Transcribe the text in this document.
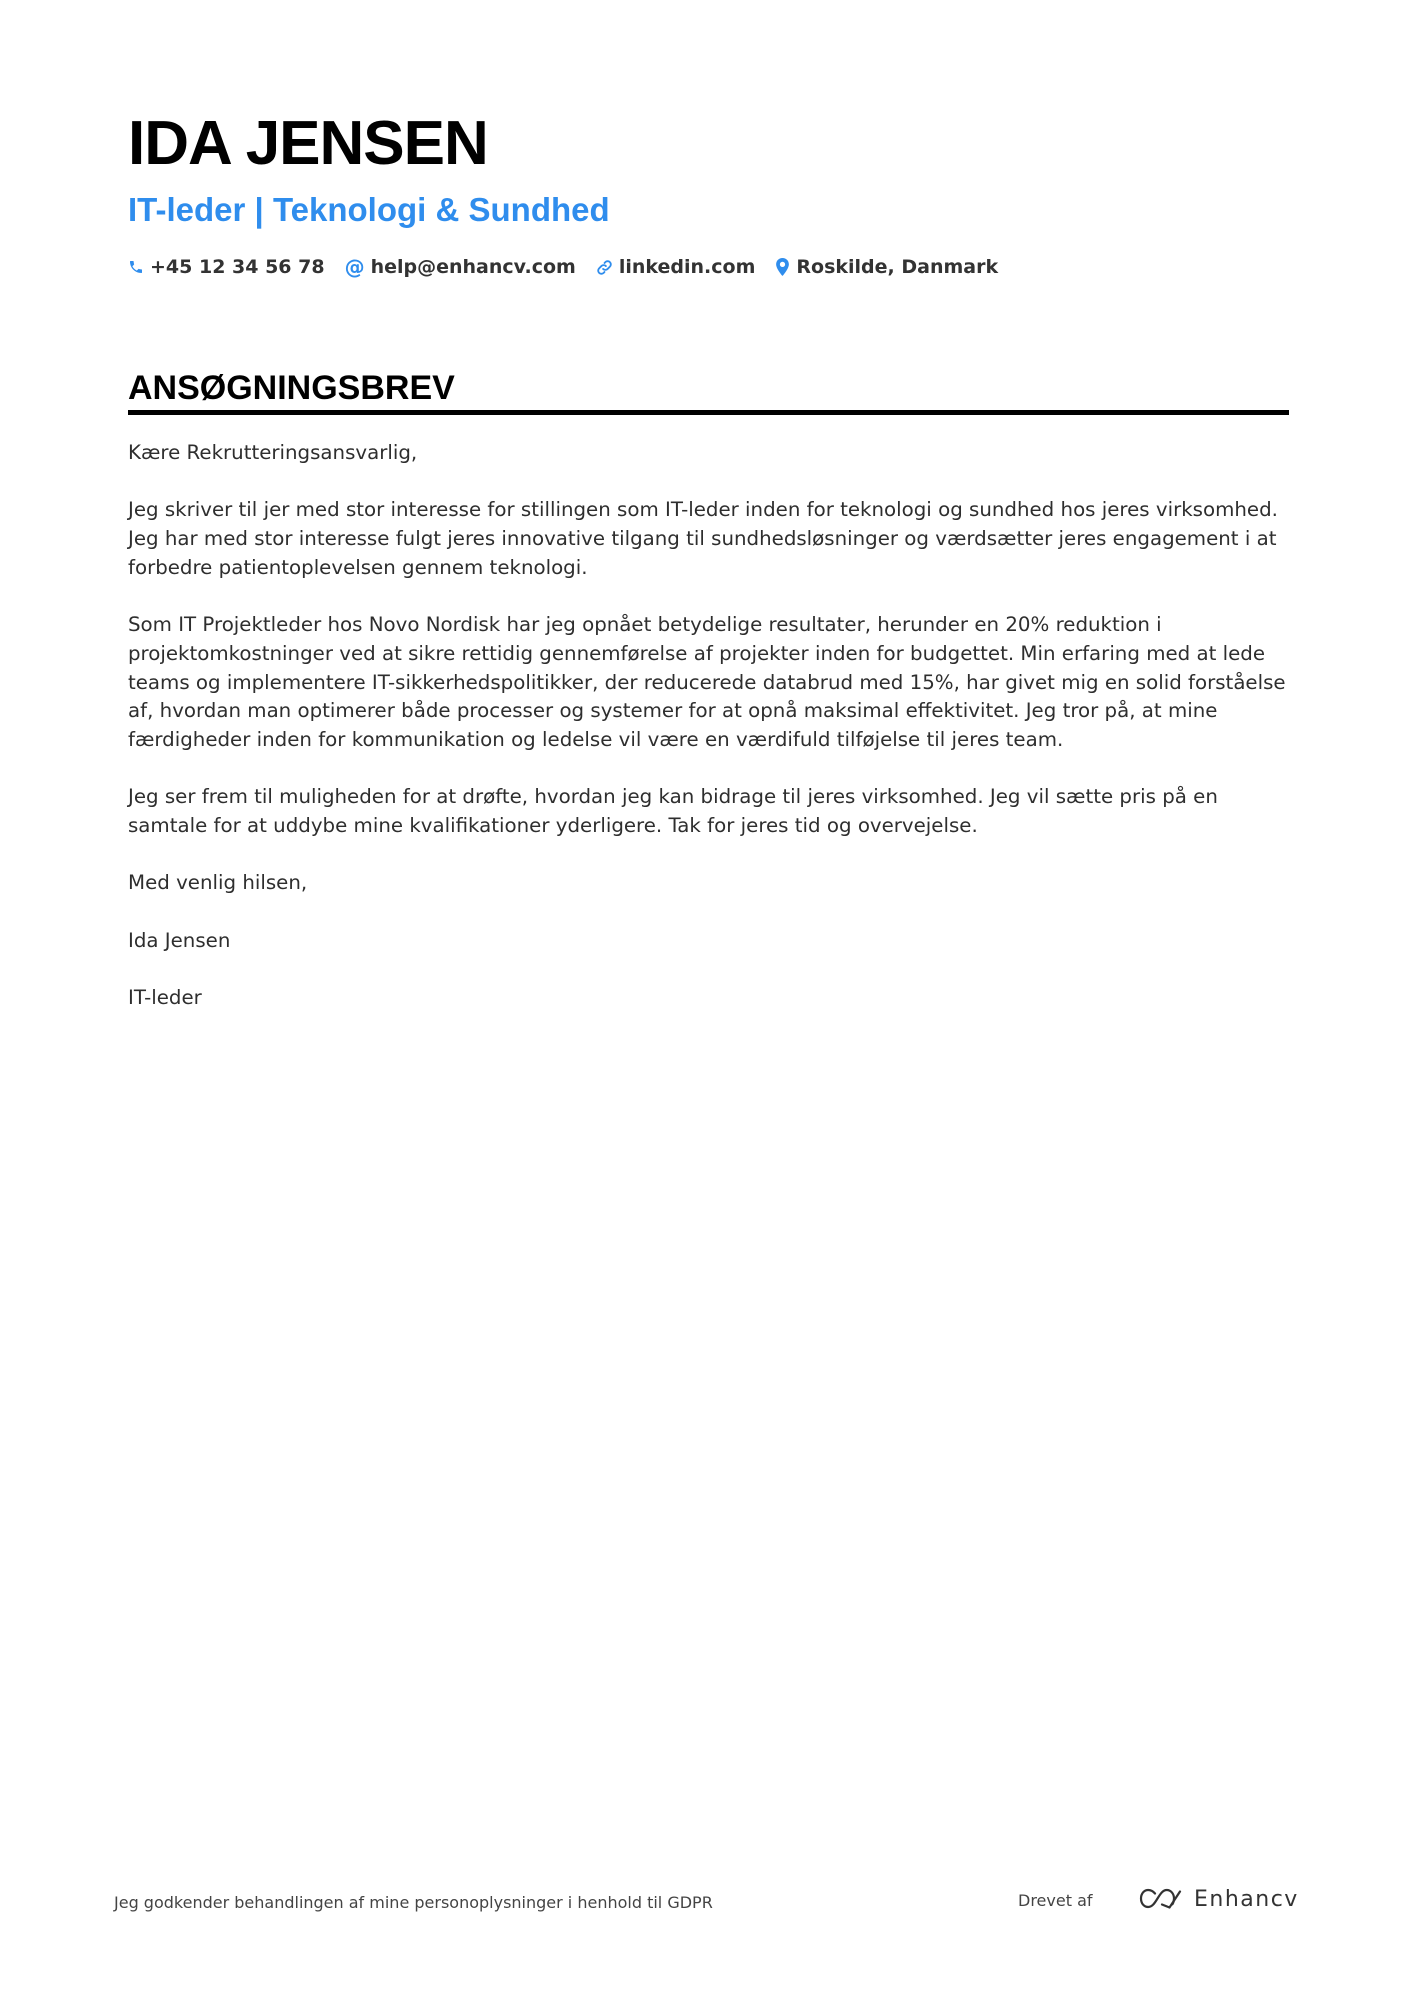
IDA JENSEN
IT-leder | Teknologi & Sundhed
+45 12 34 56 78 @ help@enhancv.com linkedin.com Roskilde, Danmark
ANSØGNINGSBREV

Kære Rekrutteringsansvarlig,

Jeg skriver til jer med stor interesse for stillingen som IT-leder inden for teknologi og sundhed hos jeres virksomhed. Jeg har med stor interesse fulgt jeres innovative tilgang til sundhedsløsninger og værdsætter jeres engagement i at forbedre patientoplevelsen gennem teknologi.

Som IT Projektleder hos Novo Nordisk har jeg opnået betydelige resultater, herunder en 20% reduktion i projektomkostninger ved at sikre rettidig gennemførelse af projekter inden for budgettet. Min erfaring med at lede teams og implementere IT-sikkerhedspolitikker, der reducerede databrud med 15%, har givet mig en solid forståelse af, hvordan man optimerer både processer og systemer for at opnå maksimal effektivitet. Jeg tror på, at mine færdigheder inden for kommunikation og ledelse vil være en værdifuld tilføjelse til jeres team.

Jeg ser frem til muligheden for at drøfte, hvordan jeg kan bidrage til jeres virksomhed. Jeg vil sætte pris på en samtale for at uddybe mine kvalifikationer yderligere. Tak for jeres tid og overvejelse.

Med venlig hilsen,

Ida Jensen

IT-leder

Jeg godkender behandlingen af mine personoplysninger i henhold til GDPR	Drevet af	Enhancv
